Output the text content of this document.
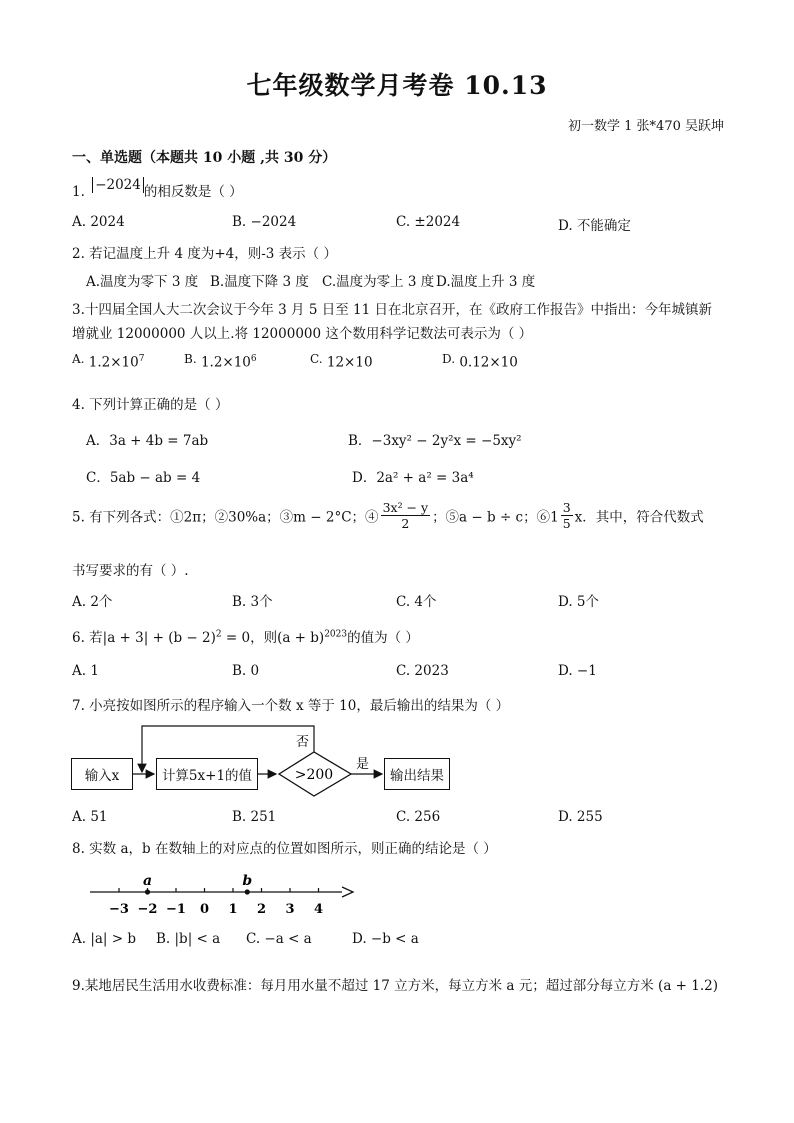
七年级数学月考卷 10.13
初一数学 1 张*470 吴跃坤
一、单选题（本题共 10 小题 ,共 30 分）
1. −2024 的相反数是（ ）
A. 2024	B. −2024	C. ±2024	D. 不能确定
2. 若记温度上升 4 度为+4，则-3 表示（ ）
A.温度为零下 3 度 B.温度下降 3 度 C.温度为零上 3 度 D.温度上升 3 度
3.十四届全国人大二次会议于今年 3 月 5 日至 11 日在北京召开，在《政府工作报告》中指出：今年城镇新
增就业 12000000 人以上.将 12000000 这个数用科学记数法可表示为（ ）
A. $1.2\times 10^7$	B. $1.2\times 10^6$	C. 12×10	D. 0.12×10
4. 下列计算正确的是（ ）
A．3a + 4b = 7ab	B．−3xy² − 2y²x = −5xy²
C．5ab − ab = 4	D．2a² + a² = 3a⁴
5. 有下列各式：①2π；②30%a；③m − 2°C；④ $\frac{\text{3x² − y}}{2}$ ；⑤a − b ÷ c；⑥1 $\frac{3}{5}$ x．其中，符合代数式
书写要求的有（ ）.
A. 2个	B. 3个	C. 4个	D. 5个
6. 若$|a + 3| + (b - 2)^2 = 0$，则$(a + b)^{2023}$的值为（ ）
A. 1	B. 0	C. 2023	D. −1
7. 小亮按如图所示的程序输入一个数 x 等于 10，最后输出的结果为（ ）
>200
否
是
输入x	计算5x+1的值	输出结果
A. 51	B. 251	C. 256	D. 255
8. 实数 a，b 在数轴上的对应点的位置如图所示，则正确的结论是（ ）
−3 −2 −1 0 1 2 3 4
a	b
A. |a| > b B. |b| < a C. −a < a	D. −b < a
9.某地居民生活用水收费标准：每月用水量不超过 17 立方米，每立方米 a 元；超过部分每立方米 (a + 1.2)
